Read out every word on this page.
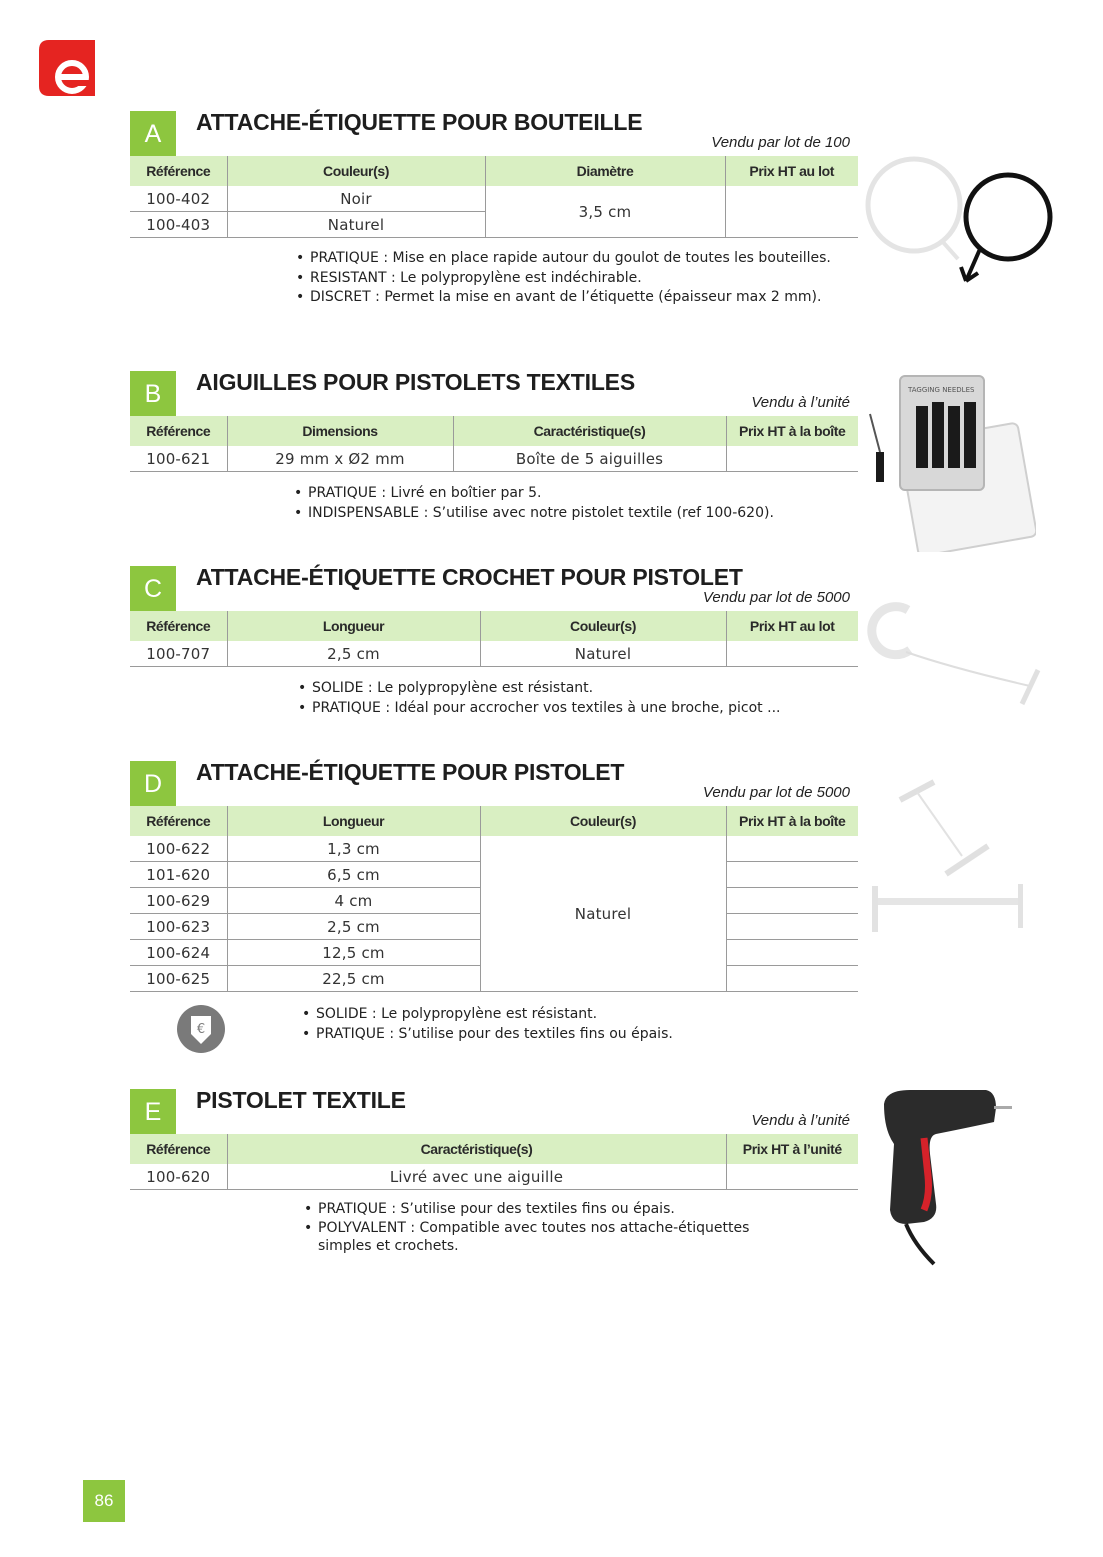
A	ATTACHE-ÉTIQUETTE POUR BOUTEILLE
Vendu par lot de 100
Référence	Couleur(s)	Diamètre	Prix HT au lot
100-402	Noir	3,5 cm	
100-403	Naturel		
• PRATIQUE : Mise en place rapide autour du goulot de toutes les bouteilles.
• RESISTANT : Le polypropylène est indéchirable.
• DISCRET : Permet la mise en avant de l’étiquette (épaisseur max 2 mm).
B	AIGUILLES POUR PISTOLETS TEXTILES
Vendu à l’unité
Référence	Dimensions	Caractéristique(s)	Prix HT à la boîte
100-621	29 mm x Ø2 mm	Boîte de 5 aiguilles	
• PRATIQUE : Livré en boîtier par 5.
• INDISPENSABLE : S’utilise avec notre pistolet textile (ref 100-620).
TAGGING NEEDLES
C	ATTACHE-ÉTIQUETTE CROCHET POUR PISTOLET
Vendu par lot de 5000
Référence	Longueur	Couleur(s)	Prix HT au lot
100-707	2,5 cm	Naturel	
• SOLIDE : Le polypropylène est résistant.
• PRATIQUE : Idéal pour accrocher vos textiles à une broche, picot ...
D	ATTACHE-ÉTIQUETTE POUR PISTOLET
Vendu par lot de 5000
Référence	Longueur	Couleur(s)	Prix HT à la boîte
100-622	1,3 cm	Naturel	
101-620	6,5 cm		
100-629	4 cm		
100-623	2,5 cm		
100-624	12,5 cm		
100-625	22,5 cm		
• SOLIDE : Le polypropylène est résistant.
• PRATIQUE : S’utilise pour des textiles fins ou épais.
€
E	PISTOLET TEXTILE
Vendu à l’unité
Référence	Caractéristique(s)	Prix HT à l’unité
100-620	Livré avec une aiguille	
• PRATIQUE : S’utilise pour des textiles fins ou épais.
• POLYVALENT : Compatible avec toutes nos attache-étiquettes simples et crochets.
86
